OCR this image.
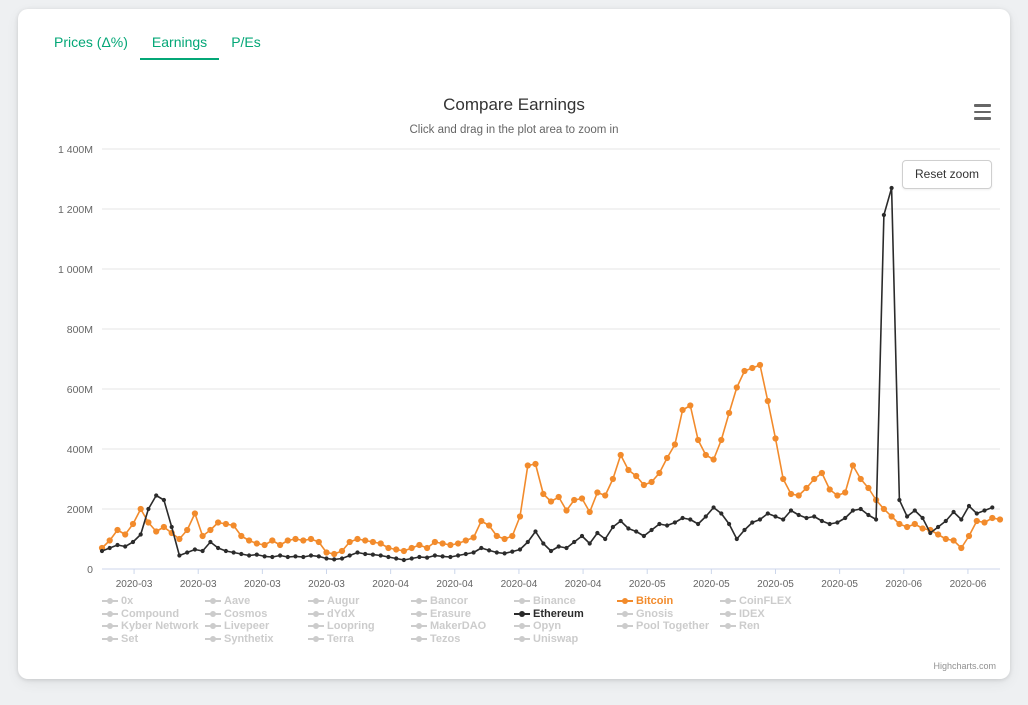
Prices (Δ%)	Earnings	P/Es
Compare Earnings
Click and drag in the plot area to zoom in
Reset zoom
0
200M
400M
600M
800M
1 000M
1 200M
1 400M
2020-03	2020-03	2020-03	2020-03	2020-04	2020-04	2020-04	2020-04	2020-05	2020-05	2020-05	2020-05	2020-06	2020-06
0x	Aave	Augur	Bancor	Binance	Bitcoin	CoinFLEX
Compound	Cosmos	dYdX	Erasure	Ethereum	Gnosis	IDEX
Kyber Network Livepeer	Loopring	MakerDAO	Opyn	Pool Together	Ren
Set	Synthetix	Terra	Tezos	Uniswap
Highcharts.com
